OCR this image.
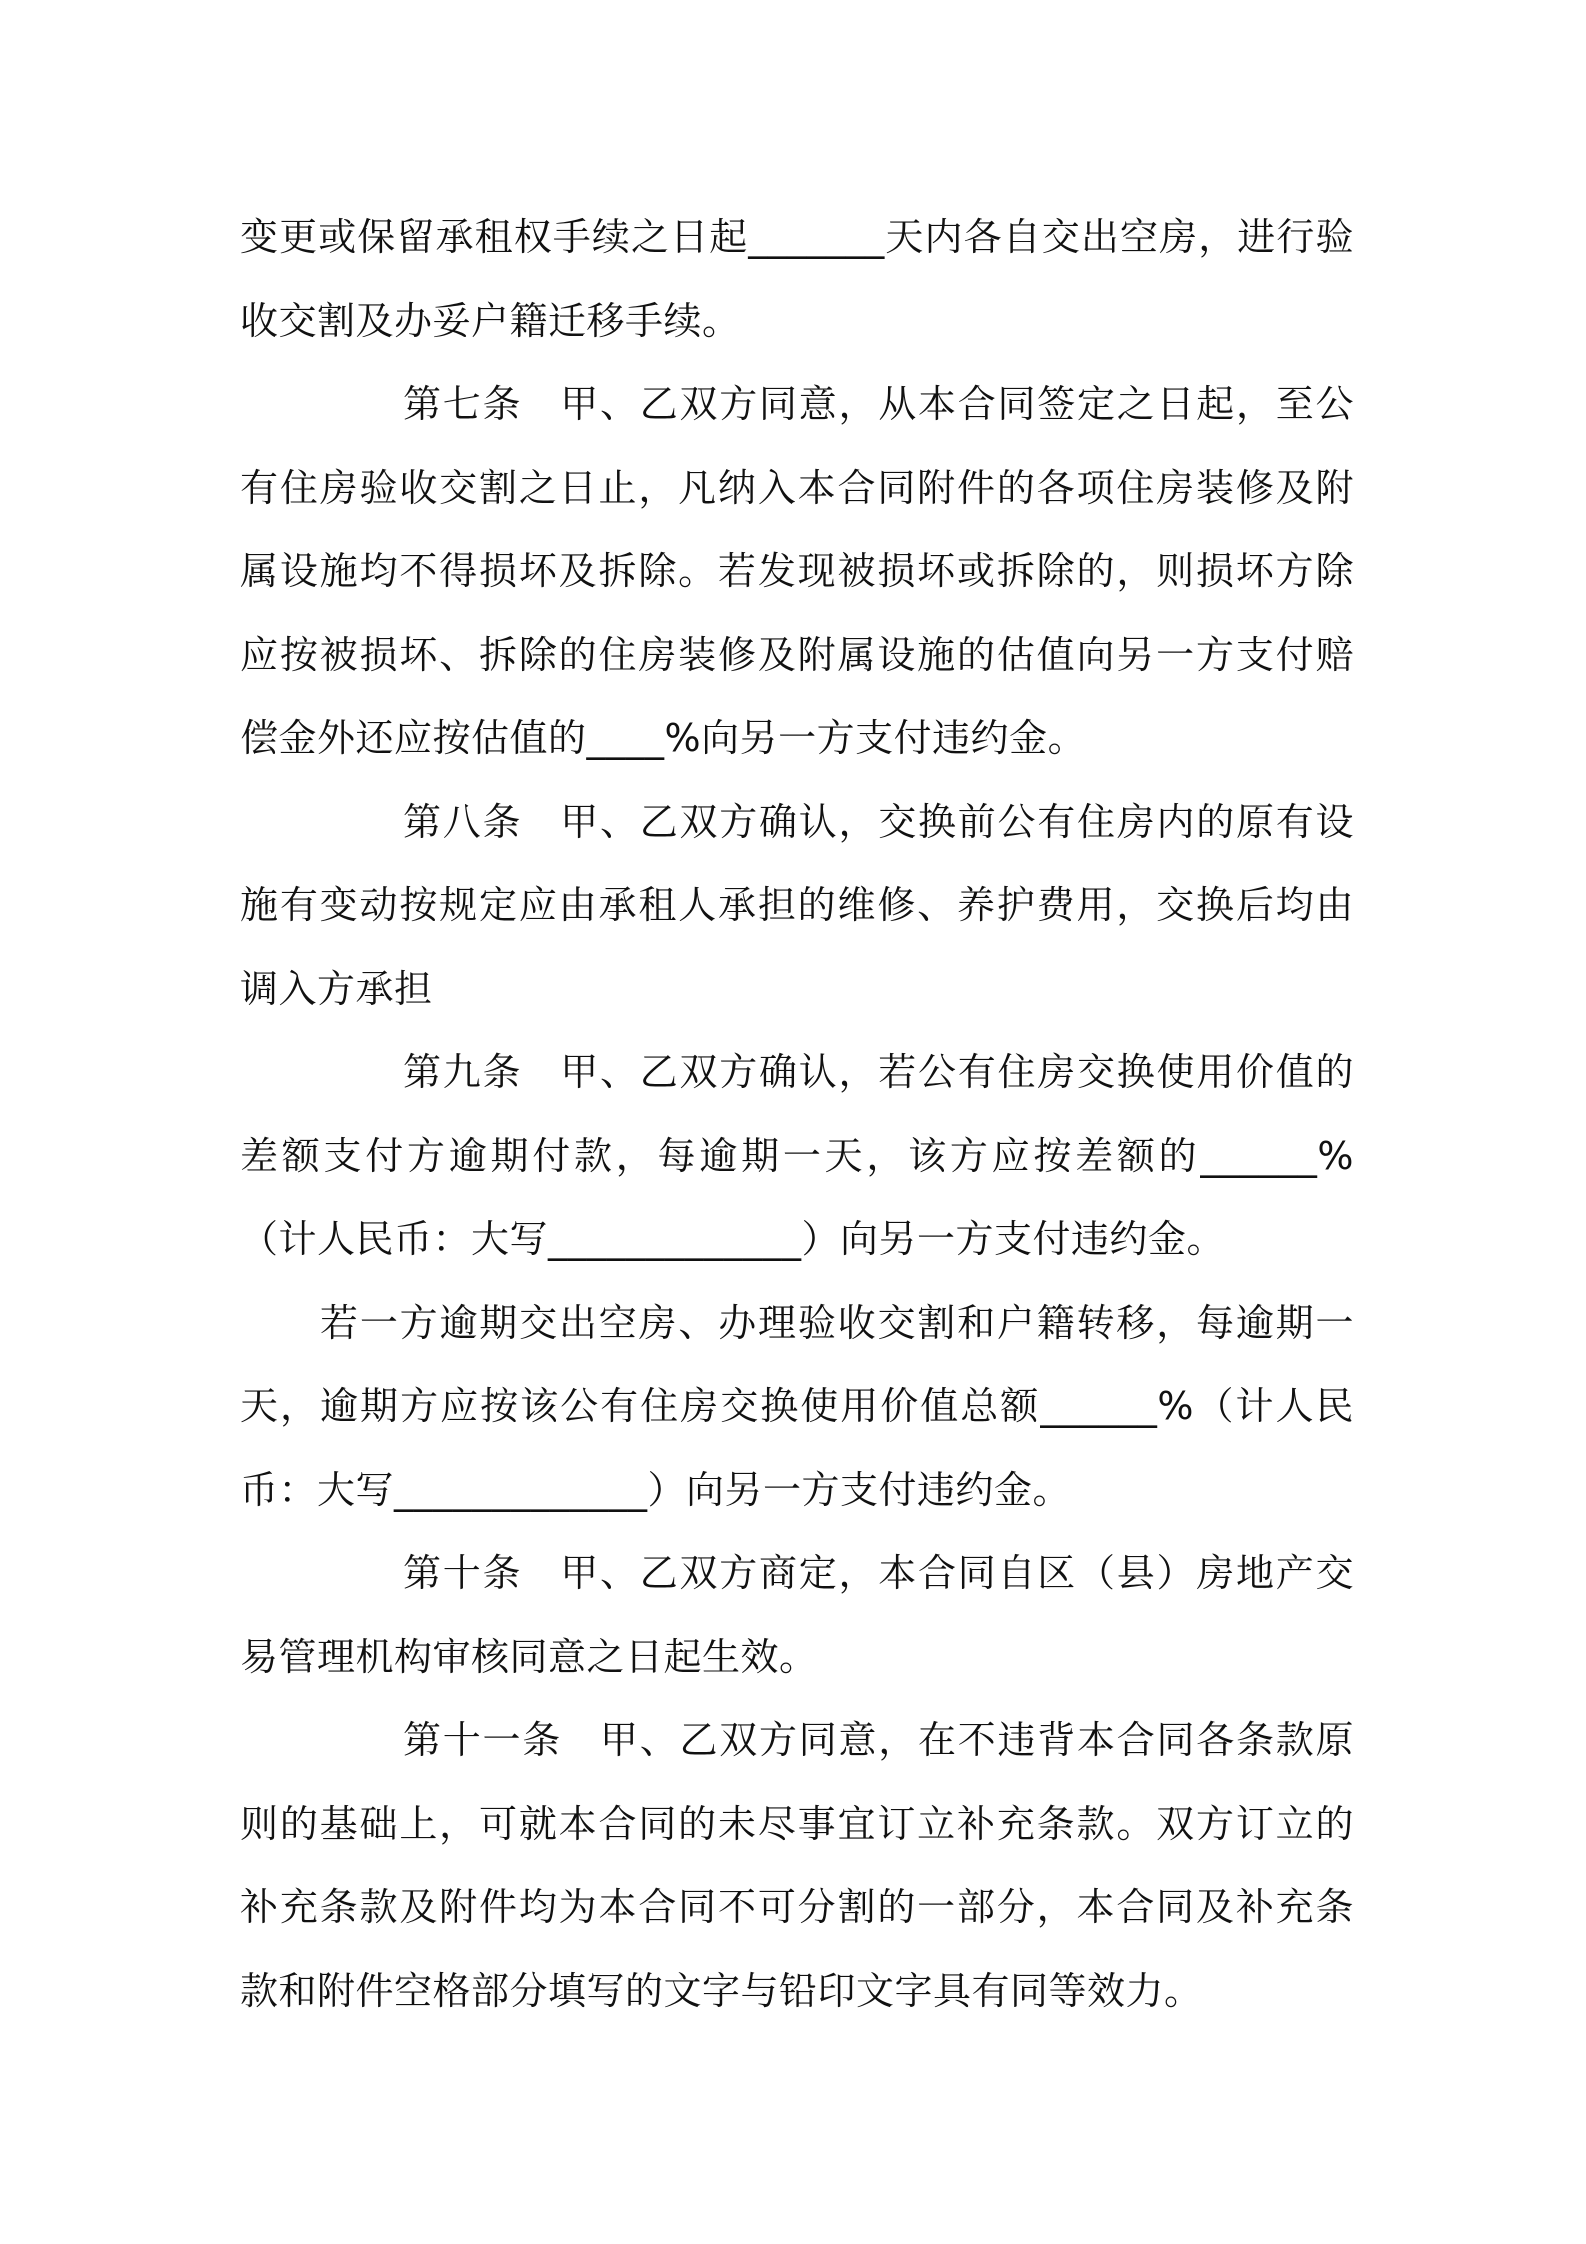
变更或保留承租权手续之日起_______天内各自交出空房，进行验收交割及办妥户籍迁移手续。

第七条 甲、乙双方同意，从本合同签定之日起，至公有住房验收交割之日止，凡纳入本合同附件的各项住房装修及附属设施均不得损坏及拆除。若发现被损坏或拆除的，则损坏方除应按被损坏、拆除的住房装修及附属设施的估值向另一方支付赔偿金外还应按估值的____%向另一方支付违约金。

第八条 甲、乙双方确认，交换前公有住房内的原有设施有变动按规定应由承租人承担的维修、养护费用，交换后均由调入方承担

第九条 甲、乙双方确认，若公有住房交换使用价值的差额支付方逾期付款，每逾期一天，该方应按差额的______%（计人民币：大写_____________）向另一方支付违约金。

若一方逾期交出空房、办理验收交割和户籍转移，每逾期一天，逾期方应按该公有住房交换使用价值总额______%（计人民币：大写_____________）向另一方支付违约金。

第十条 甲、乙双方商定，本合同自区（县）房地产交易管理机构审核同意之日起生效。

第十一条 甲、乙双方同意，在不违背本合同各条款原则的基础上，可就本合同的未尽事宜订立补充条款。双方订立的补充条款及附件均为本合同不可分割的一部分，本合同及补充条款和附件空格部分填写的文字与铅印文字具有同等效力。
